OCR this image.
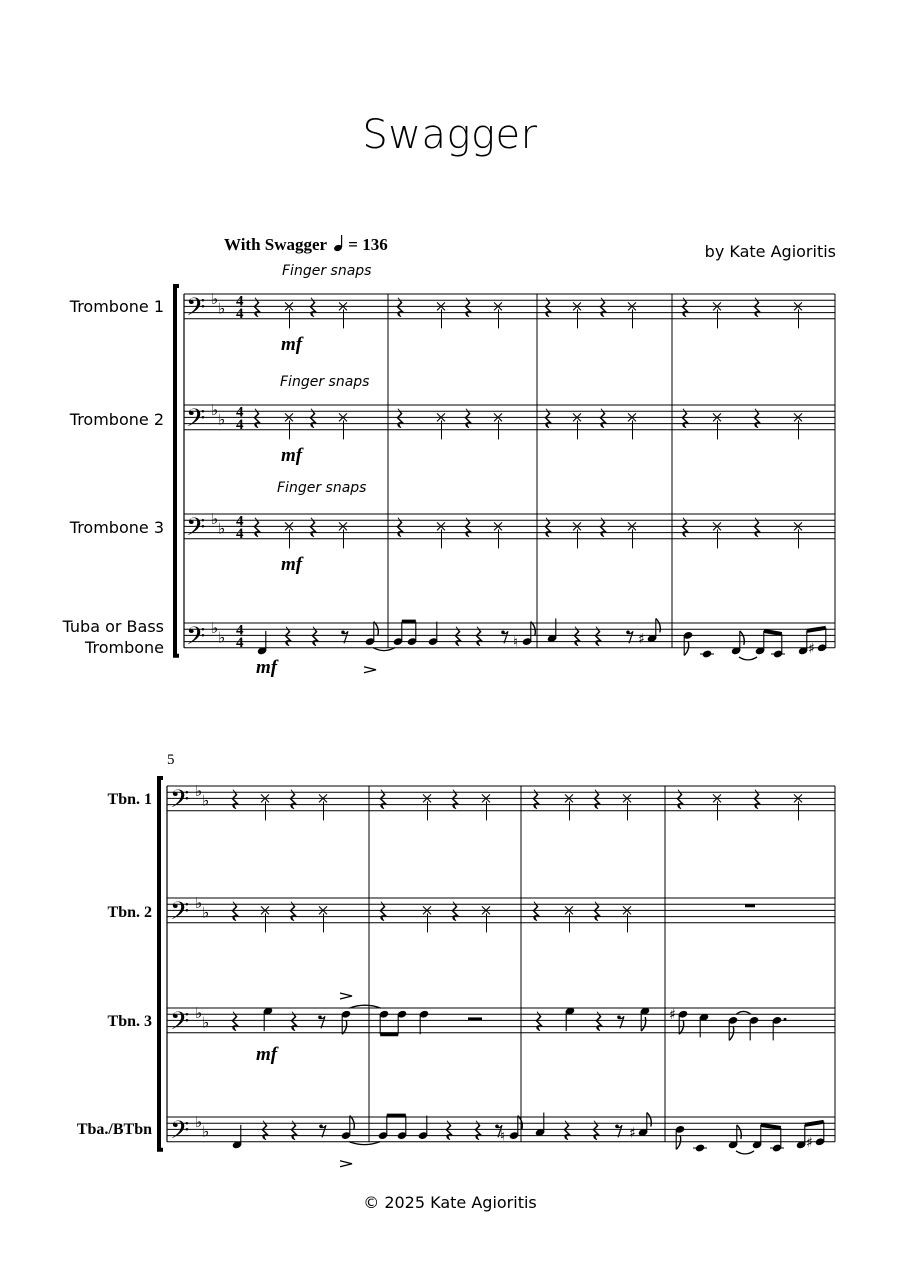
Swagger
by Kate Agioritis
With Swagger = 136
Trombone 1
Trombone 2
Trombone 3
Tuba or Bass
Trombone
Finger snaps
Finger snaps
Finger snaps
5
Tbn. 1
Tbn. 2
Tbn. 3
Tba./BTbn
© 2025 Kate Agioritis
𝄢 ♭
♭ 4
4
𝄢 ♭
♭ 4
4
𝄢 ♭
♭ 4
4
𝄢 ♭
♭ 4
4
mf
mf
mf
mf
♮	♯
♯
𝄢 ♭
♭
𝄢 ♭
♭
𝄢 ♭
♭
𝄢 ♭
♭
mf
♯
♮	♯
♯
